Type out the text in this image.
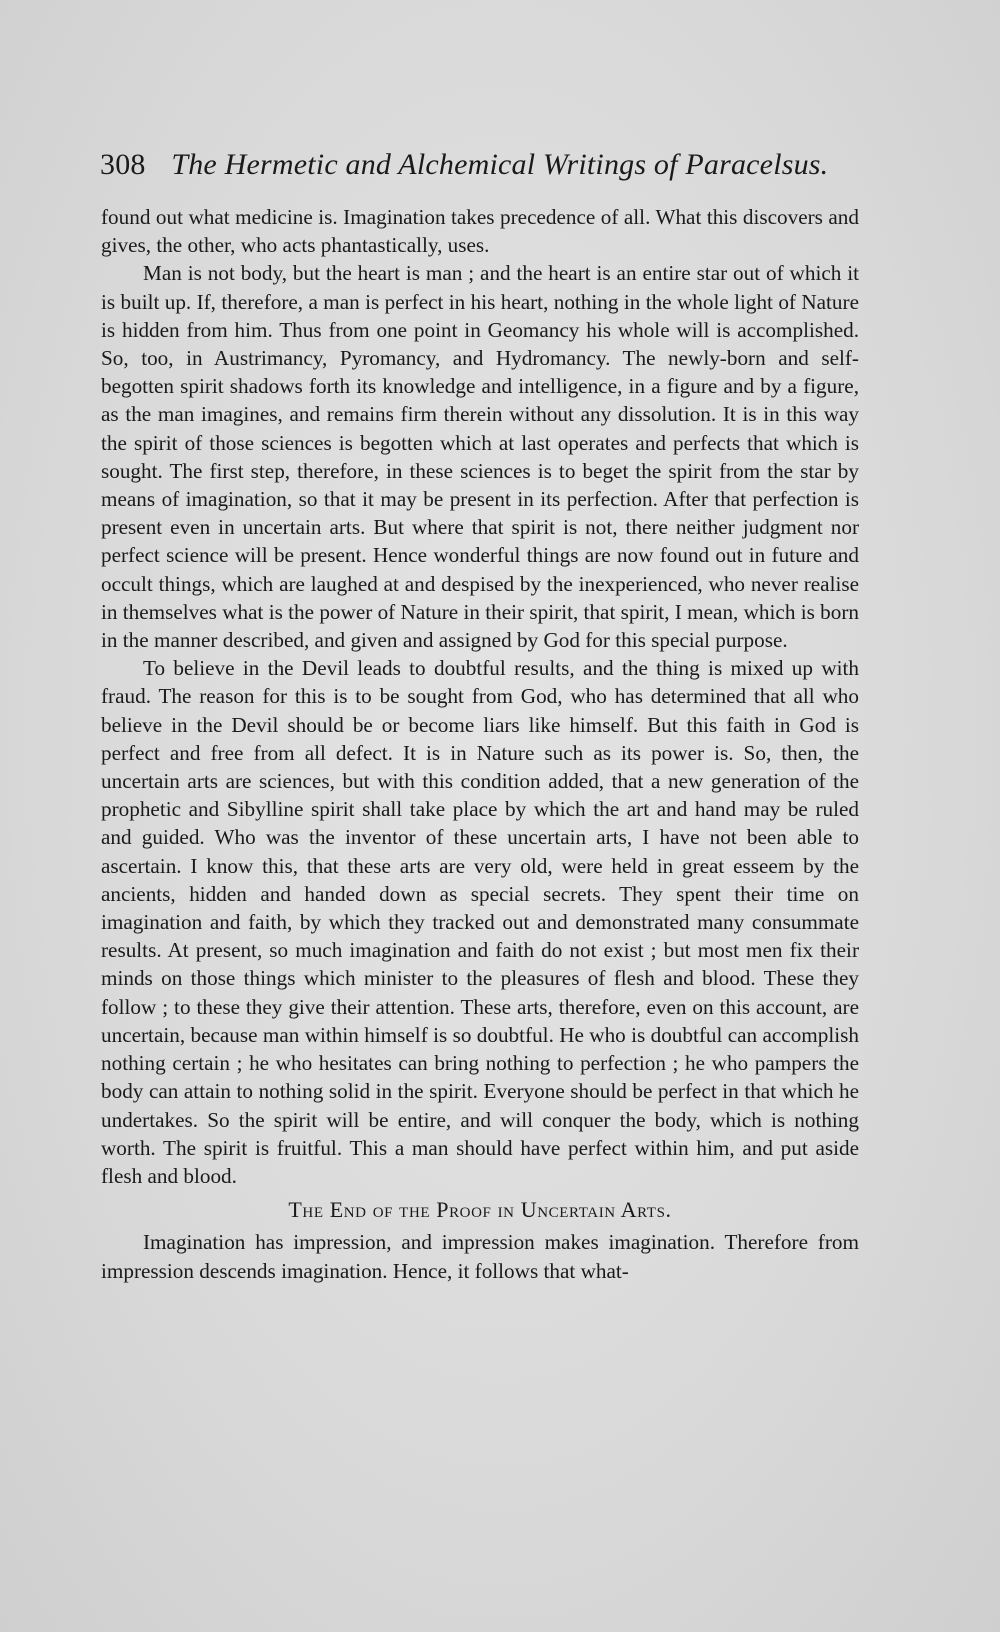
308 The Hermetic and Alchemical Writings of Paracelsus.

found out what medicine is. Imagination takes precedence of all. What this discovers and gives, the other, who acts phantastically, uses.

Man is not body, but the heart is man ; and the heart is an entire star out of which it is built up. If, therefore, a man is perfect in his heart, nothing in the whole light of Nature is hidden from him. Thus from one point in Geomancy his whole will is accomplished. So, too, in Austrimancy, Pyromancy, and Hydromancy. The newly-born and self-begotten spirit shadows forth its knowledge and intelligence, in a figure and by a figure, as the man imagines, and remains firm therein without any dissolution. It is in this way the spirit of those sciences is begotten which at last operates and perfects that which is sought. The first step, therefore, in these sciences is to beget the spirit from the star by means of imagination, so that it may be present in its perfection. After that perfection is present even in uncertain arts. But where that spirit is not, there neither judgment nor perfect science will be present. Hence wonderful things are now found out in future and occult things, which are laughed at and despised by the inexperienced, who never realise in themselves what is the power of Nature in their spirit, that spirit, I mean, which is born in the manner described, and given and assigned by God for this special purpose.

To believe in the Devil leads to doubtful results, and the thing is mixed up with fraud. The reason for this is to be sought from God, who has determined that all who believe in the Devil should be or become liars like himself. But this faith in God is perfect and free from all defect. It is in Nature such as its power is. So, then, the uncertain arts are sciences, but with this condition added, that a new generation of the prophetic and Sibylline spirit shall take place by which the art and hand may be ruled and guided. Who was the inventor of these uncertain arts, I have not been able to ascertain. I know this, that these arts are very old, were held in great esseem by the ancients, hidden and handed down as special secrets. They spent their time on imagination and faith, by which they tracked out and demonstrated many consummate results. At present, so much imagination and faith do not exist ; but most men fix their minds on those things which minister to the pleasures of flesh and blood. These they follow ; to these they give their attention. These arts, therefore, even on this account, are uncertain, because man within himself is so doubtful. He who is doubtful can accomplish nothing certain ; he who hesitates can bring nothing to perfection ; he who pampers the body can attain to nothing solid in the spirit. Everyone should be perfect in that which he undertakes. So the spirit will be entire, and will conquer the body, which is nothing worth. The spirit is fruitful. This a man should have perfect within him, and put aside flesh and blood.

The End of the Proof in Uncertain Arts.

Imagination has impression, and impression makes imagination. Therefore from impression descends imagination. Hence, it follows that what-
